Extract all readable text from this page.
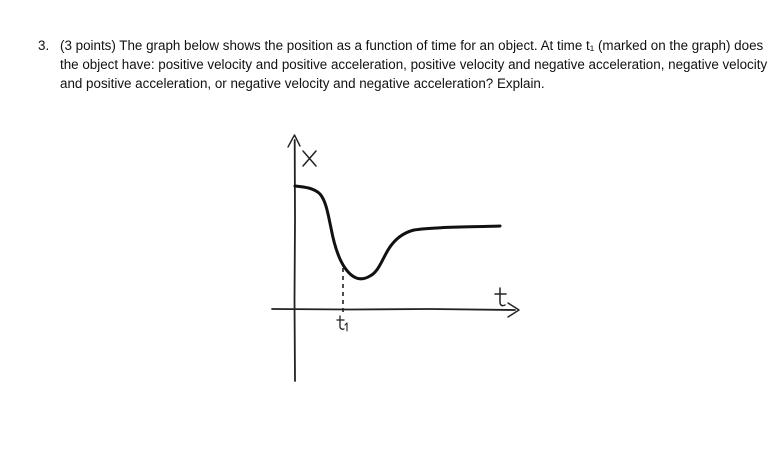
3. (3 points) The graph below shows the position as a function of time for an object. At time t₁ (marked on the graph) does the object have: positive velocity and positive acceleration, positive velocity and negative acceleration, negative velocity and positive acceleration, or negative velocity and negative acceleration? Explain.
